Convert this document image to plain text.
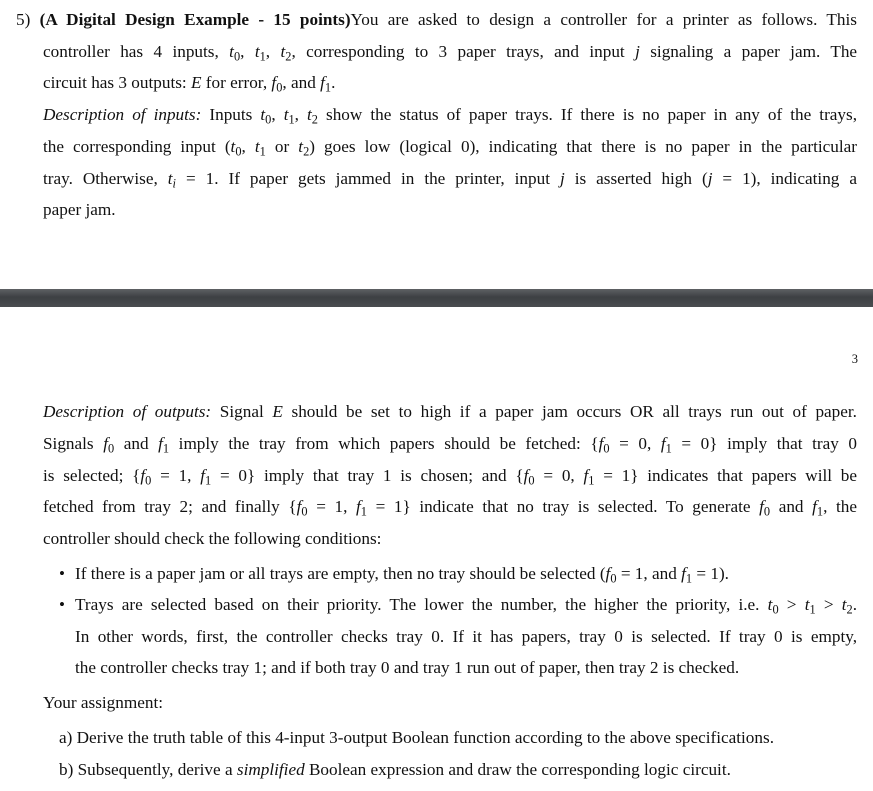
5) (A Digital Design Example - 15 points)You are asked to design a controller for a printer as follows. This
controller has 4 inputs, $t_0$, $t_1$, $t_2$, corresponding to 3 paper trays, and input j signaling a paper jam. The
circuit has 3 outputs: E for error, $f_0$, and $f_1$.
Description of inputs: Inputs $t_0$, $t_1$, $t_2$ show the status of paper trays. If there is no paper in any of the trays,
the corresponding input ($t_0$, $t_1$ or $t_2$) goes low (logical 0), indicating that there is no paper in the particular
tray. Otherwise, $t_i = 1$. If paper gets jammed in the printer, input j is asserted high (j = 1), indicating a
paper jam.
3
Description of outputs: Signal E should be set to high if a paper jam occurs OR all trays run out of paper.
Signals $f_0$ and $f_1$ imply the tray from which papers should be fetched: {$f_0 = 0$, $f_1 = 0$} imply that tray 0
is selected; {$f_0 = 1$, $f_1 = 0$} imply that tray 1 is chosen; and {$f_0 = 0$, $f_1 = 1$} indicates that papers will be
fetched from tray 2; and finally {$f_0 = 1$, $f_1 = 1$} indicate that no tray is selected. To generate $f_0$ and $f_1$, the
controller should check the following conditions:
• If there is a paper jam or all trays are empty, then no tray should be selected ($f_0 = 1$, and $f_1 = 1$).
• Trays are selected based on their priority. The lower the number, the higher the priority, i.e. $t_0 > t_1 > t_2$.
In other words, first, the controller checks tray 0. If it has papers, tray 0 is selected. If tray 0 is empty,
the controller checks tray 1; and if both tray 0 and tray 1 run out of paper, then tray 2 is checked.
Your assignment:
a) Derive the truth table of this 4-input 3-output Boolean function according to the above specifications.
b) Subsequently, derive a simplified Boolean expression and draw the corresponding logic circuit.
